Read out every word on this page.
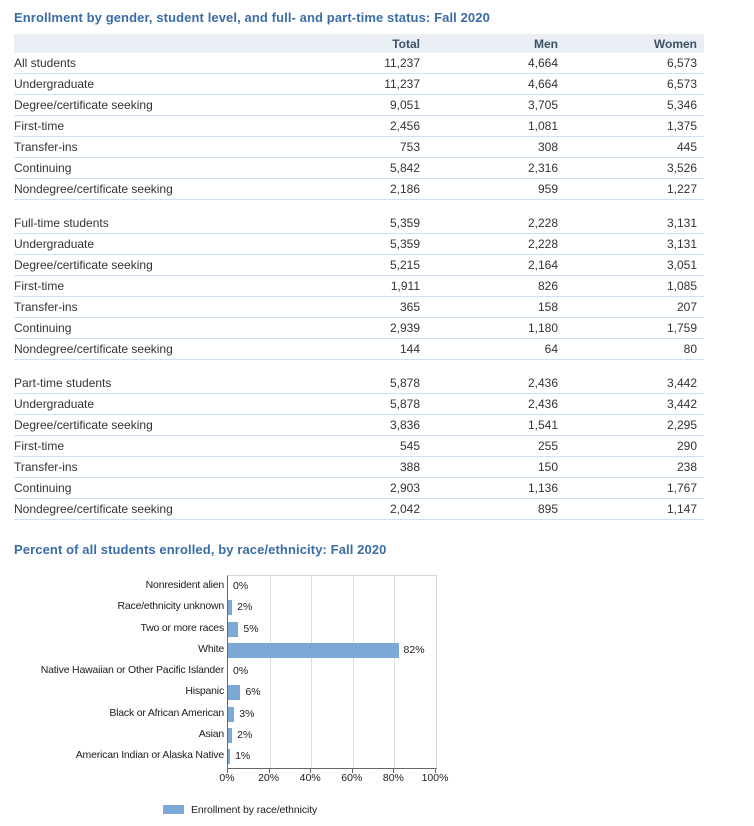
Enrollment by gender, student level, and full- and part-time status: Fall 2020
	Total	Men	Women
All students	11,237	4,664	6,573
Undergraduate	11,237	4,664	6,573
Degree/certificate seeking	9,051	3,705	5,346
First-time	2,456	1,081	1,375
Transfer-ins	753	308	445
Continuing	5,842	2,316	3,526
Nondegree/certificate seeking	2,186	959	1,227

Full-time students	5,359	2,228	3,131
Undergraduate	5,359	2,228	3,131
Degree/certificate seeking	5,215	2,164	3,051
First-time	1,911	826	1,085
Transfer-ins	365	158	207
Continuing	2,939	1,180	1,759
Nondegree/certificate seeking	144	64	80

Part-time students	5,878	2,436	3,442
Undergraduate	5,878	2,436	3,442
Degree/certificate seeking	3,836	1,541	2,295
First-time	545	255	290
Transfer-ins	388	150	238
Continuing	2,903	1,136	1,767
Nondegree/certificate seeking	2,042	895	1,147
Percent of all students enrolled, by race/ethnicity: Fall 2020
Nonresident alien
Race/ethnicity unknown
Two or more races
White
Native Hawaiian or Other Pacific Islander
Hispanic
Black or African American
Asian
American Indian or Alaska Native
0%
2%
5%
82%
0%
6%
3%
2%
1%
0% 20% 40% 60% 80% 100%
Enrollment by race/ethnicity
